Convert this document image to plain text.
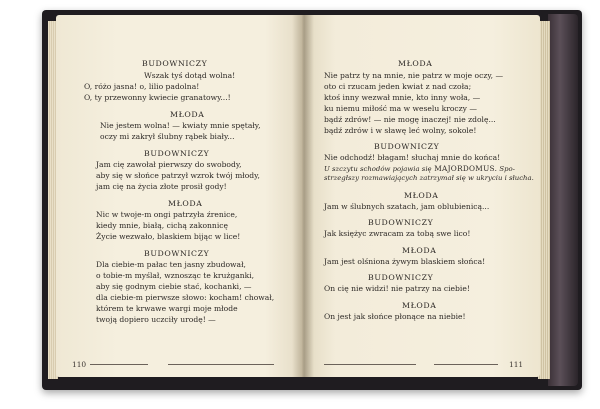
110
BUDOWNICZY
Wszak tyś dotąd wolna!
O, różo jasna! o, lilio padolna!
O, ty przewonny kwiecie granatowy...!
MŁODA
Nie jestem wolna! — kwiaty mnie spętały,
oczy mi zakrył ślubny rąbek biały...
BUDOWNICZY
Jam cię zawołał pierwszy do swobody,
aby się w słońce patrzył wzrok twój młody,
jam cię na życia złote prosił gody!
MŁODA
Nic w twoje-m ongi patrzyła źrenice,
kiedy mnie, białą, cichą zakonnicę
Życie wezwało, blaskiem bijąc w lice!
BUDOWNICZY
Dla ciebie-m pałac ten jasny zbudował,
o tobie-m myślał, wznosząc te krużganki,
aby się godnym ciebie stać, kochanki, —
dla ciebie-m pierwsze słowo: kocham! chował,
którem te krwawe wargi moje młode
twoją dopiero uczciły urodę! —
111
MŁODA
Nie patrz ty na mnie, nie patrz w moje oczy, —
oto ci rzucam jeden kwiat z nad czoła;
ktoś inny wezwał mnie, kto inny woła, —
ku niemu miłość ma w weselu kroczy —
bądź zdrów! — nie mogę inaczej! nie zdolę...
bądź zdrów i w sławę leć wolny, sokole!
BUDOWNICZY
Nie odchodź! błagam! słuchaj mnie do końca!
U szczytu schodów pojawia się MAJORDOMUS. Spo-
strzegłszy rozmawiających zatrzymał się w ukryciu i słucha.
MŁODA
Jam w ślubnych szatach, jam oblubienicą...
BUDOWNICZY
Jak księżyc zwracam za tobą swe lico!
MŁODA
Jam jest olśniona żywym blaskiem słońca!
BUDOWNICZY
On cię nie widzi! nie patrzy na ciebie!
MŁODA
On jest jak słońce płonące na niebie!
